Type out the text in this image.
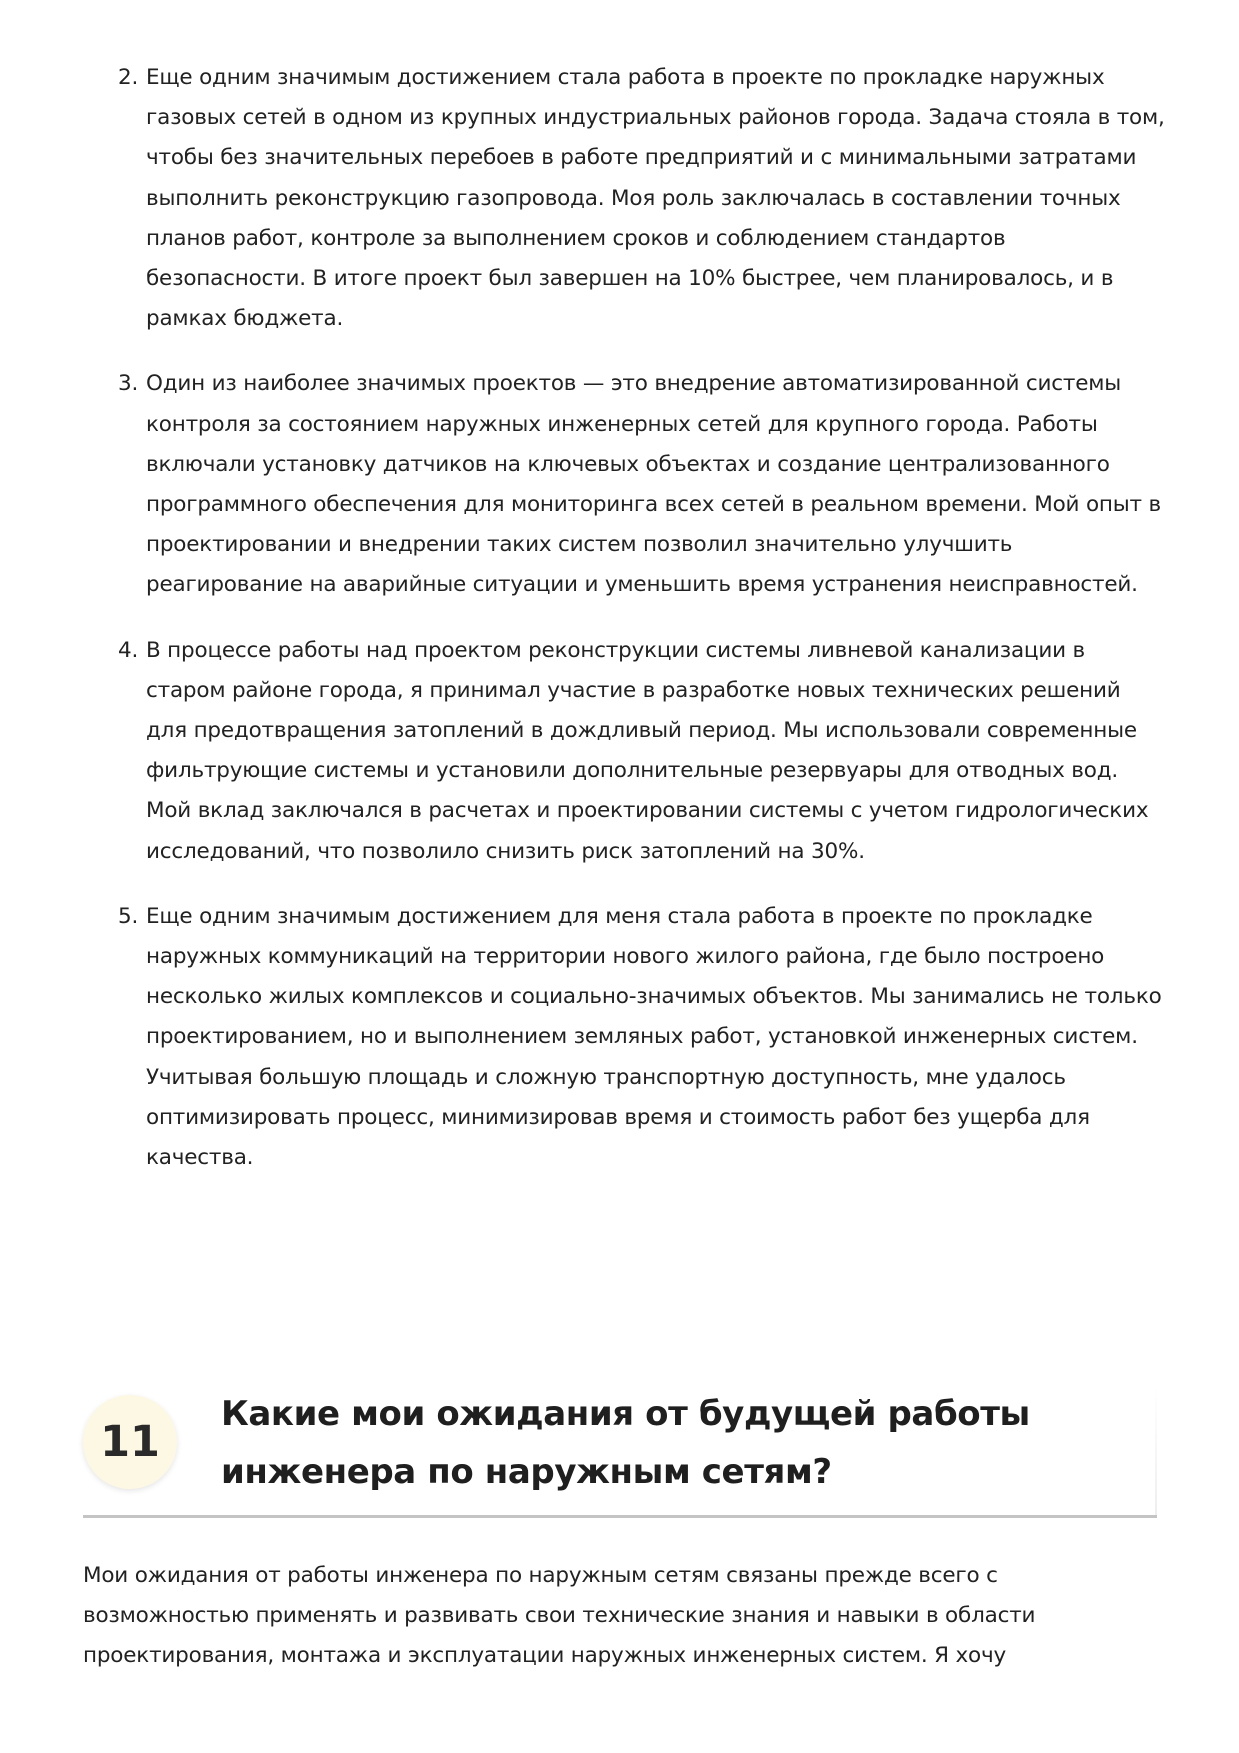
2. Еще одним значимым достижением стала работа в проекте по прокладке наружных газовых сетей в одном из крупных индустриальных районов города. Задача стояла в том, чтобы без значительных перебоев в работе предприятий и с минимальными затратами выполнить реконструкцию газопровода. Моя роль заключалась в составлении точных планов работ, контроле за выполнением сроков и соблюдением стандартов безопасности. В итоге проект был завершен на 10% быстрее, чем планировалось, и в рамках бюджета.
3. Один из наиболее значимых проектов — это внедрение автоматизированной системы контроля за состоянием наружных инженерных сетей для крупного города. Работы включали установку датчиков на ключевых объектах и создание централизованного программного обеспечения для мониторинга всех сетей в реальном времени. Мой опыт в проектировании и внедрении таких систем позволил значительно улучшить реагирование на аварийные ситуации и уменьшить время устранения неисправностей.
4. В процессе работы над проектом реконструкции системы ливневой канализации в старом районе города, я принимал участие в разработке новых технических решений для предотвращения затоплений в дождливый период. Мы использовали современные фильтрующие системы и установили дополнительные резервуары для отводных вод. Мой вклад заключался в расчетах и проектировании системы с учетом гидрологических исследований, что позволило снизить риск затоплений на 30%.
5. Еще одним значимым достижением для меня стала работа в проекте по прокладке наружных коммуникаций на территории нового жилого района, где было построено несколько жилых комплексов и социально-значимых объектов. Мы занимались не только проектированием, но и выполнением земляных работ, установкой инженерных систем. Учитывая большую площадь и сложную транспортную доступность, мне удалось оптимизировать процесс, минимизировав время и стоимость работ без ущерба для качества.
11
Какие мои ожидания от будущей работы инженера по наружным сетям?

Мои ожидания от работы инженера по наружным сетям связаны прежде всего с возможностью применять и развивать свои технические знания и навыки в области проектирования, монтажа и эксплуатации наружных инженерных систем. Я хочу
